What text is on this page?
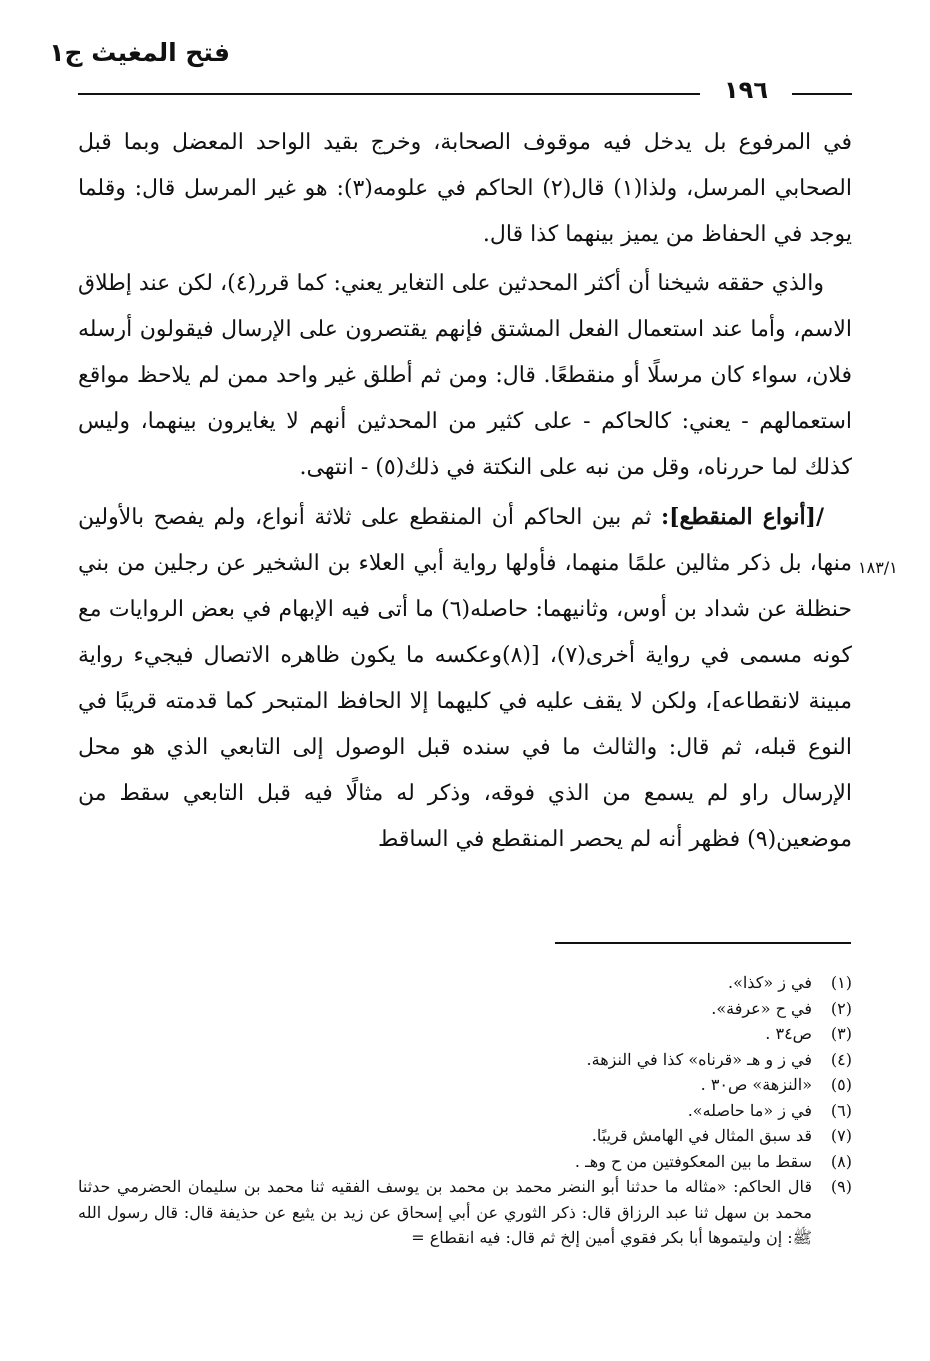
فتح المغيث ج١
١٩٦
١٨٣/١

في المرفوع بل يدخل فيه موقوف الصحابة، وخرج بقيد الواحد المعضل وبما قبل الصحابي المرسل، ولذا(١) قال(٢) الحاكم في علومه(٣): هو غير المرسل قال: وقلما يوجد في الحفاظ من يميز بينهما كذا قال.

والذي حققه شيخنا أن أكثر المحدثين على التغاير يعني: كما قرر(٤)، لكن عند إطلاق الاسم، وأما عند استعمال الفعل المشتق فإنهم يقتصرون على الإرسال فيقولون أرسله فلان، سواء كان مرسلًا أو منقطعًا. قال: ومن ثم أطلق غير واحد ممن لم يلاحظ مواقع استعمالهم - يعني: كالحاكم - على كثير من المحدثين أنهم لا يغايرون بينهما، وليس كذلك لما حررناه، وقل من نبه على النكتة في ذلك(٥) - انتهى.

/[أنواع المنقطع]: ثم بين الحاكم أن المنقطع على ثلاثة أنواع، ولم يفصح بالأولين منها، بل ذكر مثالين علمًا منهما، فأولها رواية أبي العلاء بن الشخير عن رجلين من بني حنظلة عن شداد بن أوس، وثانيهما: حاصله(٦) ما أتى فيه الإبهام في بعض الروايات مع كونه مسمى في رواية أخرى(٧)، [(٨)وعكسه ما يكون ظاهره الاتصال فيجيء رواية مبينة لانقطاعه]، ولكن لا يقف عليه في كليهما إلا الحافظ المتبحر كما قدمته قريبًا في النوع قبله، ثم قال: والثالث ما في سنده قبل الوصول إلى التابعي الذي هو محل الإرسال راو لم يسمع من الذي فوقه، وذكر له مثالًا فيه قبل التابعي سقط من موضعين(٩) فظهر أنه لم يحصر المنقطع في الساقط

(١)
في ز «كذا».

(٢)
في ح «عرفة».

(٣)
ص٣٤ .

(٤)
في ز و هـ «قرناه» كذا في النزهة.

(٥)
«النزهة» ص٣٠ .

(٦)
في ز «ما حاصله».

(٧)
قد سبق المثال في الهامش قريبًا.

(٨)
سقط ما بين المعكوفتين من ح وهـ .

(٩)
قال الحاكم: «مثاله ما حدثنا أبو النضر محمد بن محمد بن يوسف الفقيه ثنا محمد بن سليمان الحضرمي حدثنا محمد بن سهل ثنا عبد الرزاق قال: ذكر الثوري عن أبي إسحاق عن زيد بن يثيع عن حذيفة قال: قال رسول الله ﷺ: إن وليتموها أبا بكر فقوي أمين إلخ ثم قال: فيه انقطاع =
